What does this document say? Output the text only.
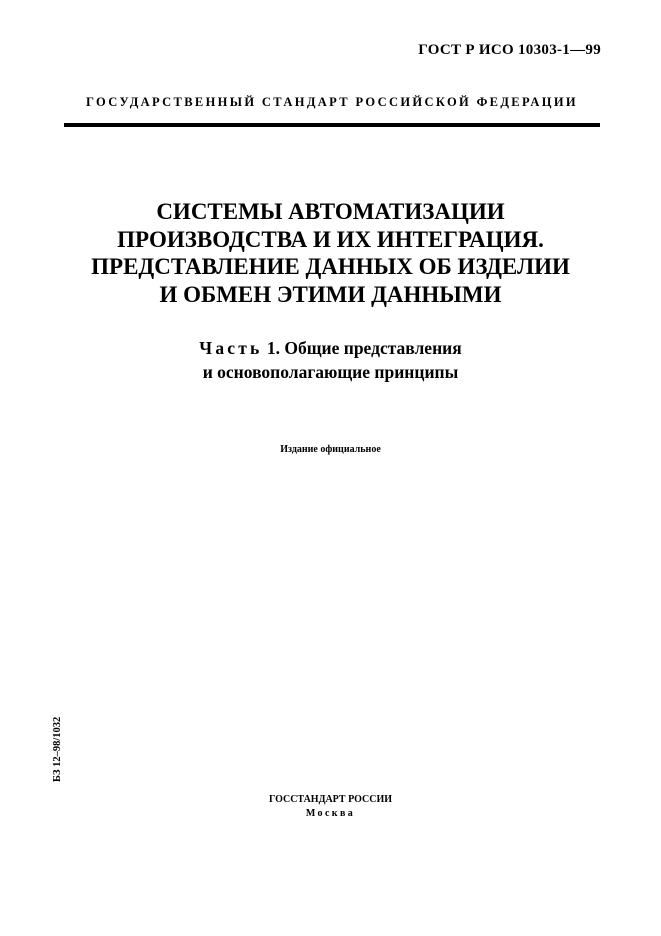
ГОСТ Р ИСО 10303-1—99
ГОСУДАРСТВЕННЫЙ СТАНДАРТ РОССИЙСКОЙ ФЕДЕРАЦИИ
СИСТЕМЫ АВТОМАТИЗАЦИИ
ПРОИЗВОДСТВА И ИХ ИНТЕГРАЦИЯ.
ПРЕДСТАВЛЕНИЕ ДАННЫХ ОБ ИЗДЕЛИИ
И ОБМЕН ЭТИМИ ДАННЫМИ
Часть 1. Общие представления
и основополагающие принципы
Издание официальное
БЗ 12–98/1032
ГОССТАНДАРТ РОССИИ
Москва
